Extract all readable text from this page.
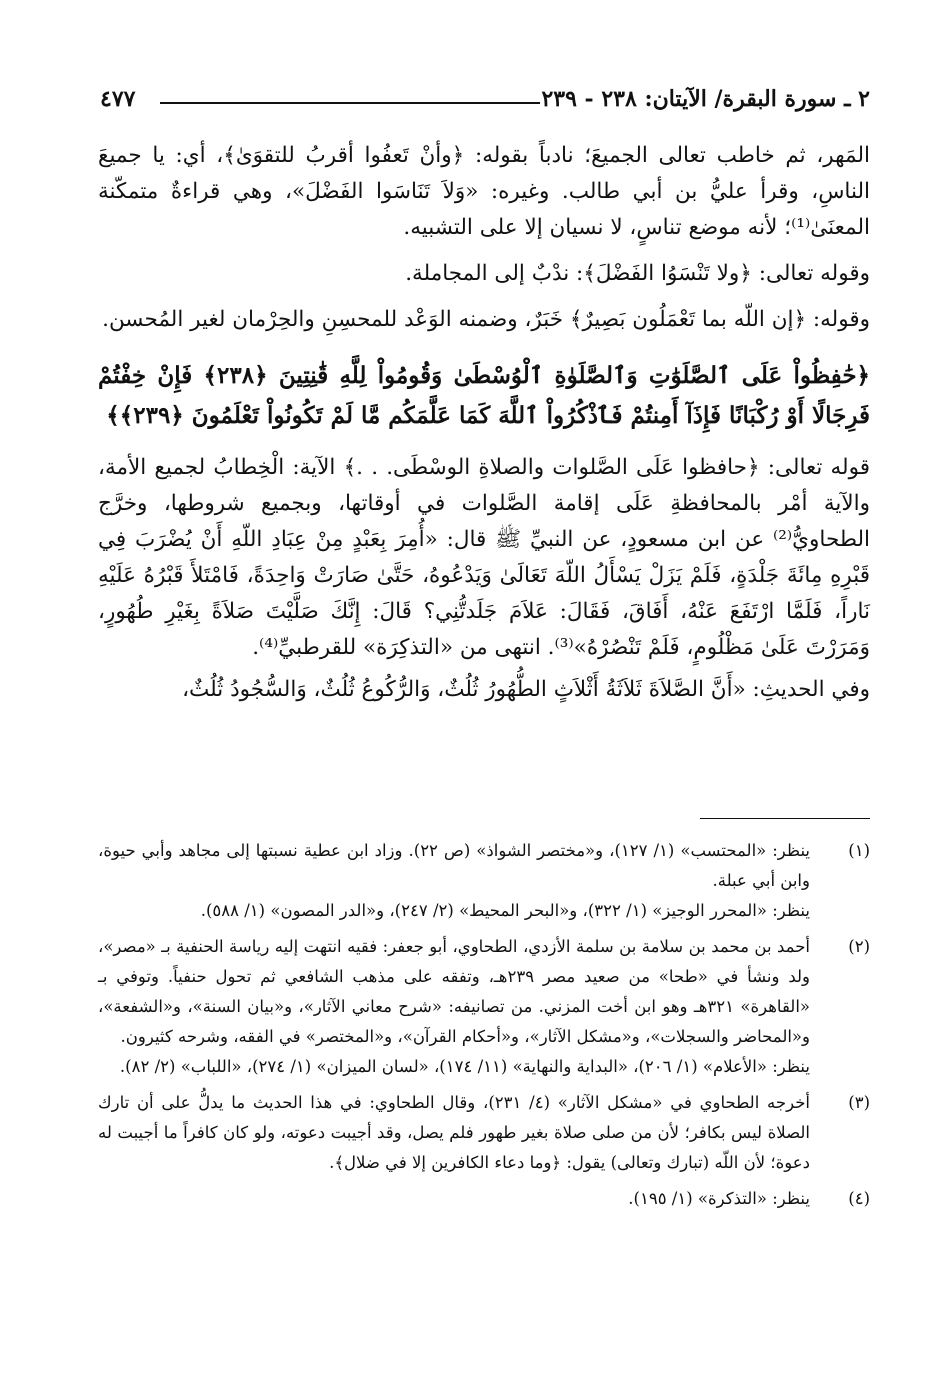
٢ ـ سورة البقرة/ الآيتان: ٢٣٨ - ٢٣٩
٤٧٧

المَهر، ثم خاطب تعالى الجميعَ؛ نادباً بقوله: ﴿وأنْ تَعفُوا أقربُ للتقوَىٰ﴾، أي: يا جميعَ الناسِ، وقرأ عليُّ بن أبي طالب. وغيره: «وَلاَ تَنَاسَوا الفَضْلَ»، وهي قراءةٌ متمكّنة المعنَىٰ⁽¹⁾؛ لأنه موضع تناسٍ، لا نسيان إلا على التشبيه.

وقوله تعالى: ﴿ولا تَنْسَوُا الفَضْلَ﴾: ندْبٌ إلى المجاملة.

وقوله: ﴿إن اللّه بما تَعْمَلُون بَصِيرٌ﴾ خَبَرٌ، وضمنه الوَعْد للمحسِنِ والحِرْمان لغير المُحسن.

﴿حَٰفِظُواْ عَلَى ٱلصَّلَوَٰتِ وَٱلصَّلَوٰةِ ٱلْوُسْطَىٰ وَقُومُواْ لِلَّهِ قَٰنِتِينَ ﴿٢٣٨﴾ فَإِنْ خِفْتُمْ فَرِجَالًا أَوْ رُكْبَانًا فَإِذَآ أَمِنتُمْ فَٱذْكُرُواْ ٱللَّهَ كَمَا عَلَّمَكُم مَّا لَمْ تَكُونُواْ تَعْلَمُونَ ﴿٢٣٩﴾﴾

قوله تعالى: ﴿حافظوا عَلَى الصَّلوات والصلاةِ الوسْطَى. . .﴾ الآية: الْخِطابُ لجميع الأمة، والآية أمْر بالمحافظةِ عَلَى إقامة الصَّلوات في أوقاتها، وبجميع شروطها، وخرَّج الطحاويُّ⁽²⁾ عن ابن مسعودٍ، عن النبيِّ ﷺ قال: «أُمِرَ بِعَبْدٍ مِنْ عِبَادِ اللّهِ أَنْ يُضْرَبَ فِي قَبْرِهِ مِائَةَ جَلْدَةٍ، فَلَمْ يَزَلْ يَسْأَلُ اللّهَ تَعَالَىٰ وَيَدْعُوهُ، حَتَّىٰ صَارَتْ وَاحِدَةً، فَامْتَلأَ قَبْرُهُ عَلَيْهِ نَاراً، فَلَمَّا ارْتَفَعَ عَنْهُ، أَفَاقَ، فَقَالَ: عَلاَمَ جَلَدتُّنِي؟ قَالَ: إِنَّكَ صَلَّيْتَ صَلاَةً بِغَيْرِ طُهُورٍ، وَمَرَرْتَ عَلَىٰ مَظْلُومٍ، فَلَمْ تَنْصُرْهُ»⁽³⁾. انتهى من «التذكِرَة» للقرطبيِّ⁽⁴⁾.

وفي الحديثِ: «أَنَّ الصَّلاَةَ ثَلاَثَةُ أَثْلاَثٍ الطُّهُورُ ثُلُثٌ، وَالرُّكُوعُ ثُلُثٌ، وَالسُّجُودُ ثُلُثٌ،

(١)
ينظر: «المحتسب» (١/ ١٢٧)، و«مختصر الشواذ» (ص ٢٢). وزاد ابن عطية نسبتها إلى مجاهد وأبي حيوة، وابن أبي عبلة.
ينظر: «المحرر الوجيز» (١/ ٣٢٢)، و«البحر المحيط» (٢/ ٢٤٧)، و«الدر المصون» (١/ ٥٨٨).
(٢)
أحمد بن محمد بن سلامة بن سلمة الأزدي، الطحاوي، أبو جعفر: فقيه انتهت إليه رياسة الحنفية بـ «مصر»، ولد ونشأ في «طحا» من صعيد مصر ٢٣٩هـ، وتفقه على مذهب الشافعي ثم تحول حنفياً. وتوفي بـ «القاهرة» ٣٢١هـ وهو ابن أخت المزني. من تصانيفه: «شرح معاني الآثار»، و«بيان السنة»، و«الشفعة»، و«المحاضر والسجلات»، و«مشكل الآثار»، و«أحكام القرآن»، و«المختصر» في الفقه، وشرحه كثيرون.
ينظر: «الأعلام» (١/ ٢٠٦)، «البداية والنهاية» (١١/ ١٧٤)، «لسان الميزان» (١/ ٢٧٤)، «اللباب» (٢/ ٨٢).
(٣)
أخرجه الطحاوي في «مشكل الآثار» (٤/ ٢٣١)، وقال الطحاوي: في هذا الحديث ما يدلُّ على أن تارك الصلاة ليس بكافر؛ لأن من صلى صلاة بغير طهور فلم يصل، وقد أجيبت دعوته، ولو كان كافراً ما أجيبت له دعوة؛ لأن اللّه (تبارك وتعالى) يقول: ﴿وما دعاء الكافرين إلا في ضلال﴾.
(٤)
ينظر: «التذكرة» (١/ ١٩٥).
